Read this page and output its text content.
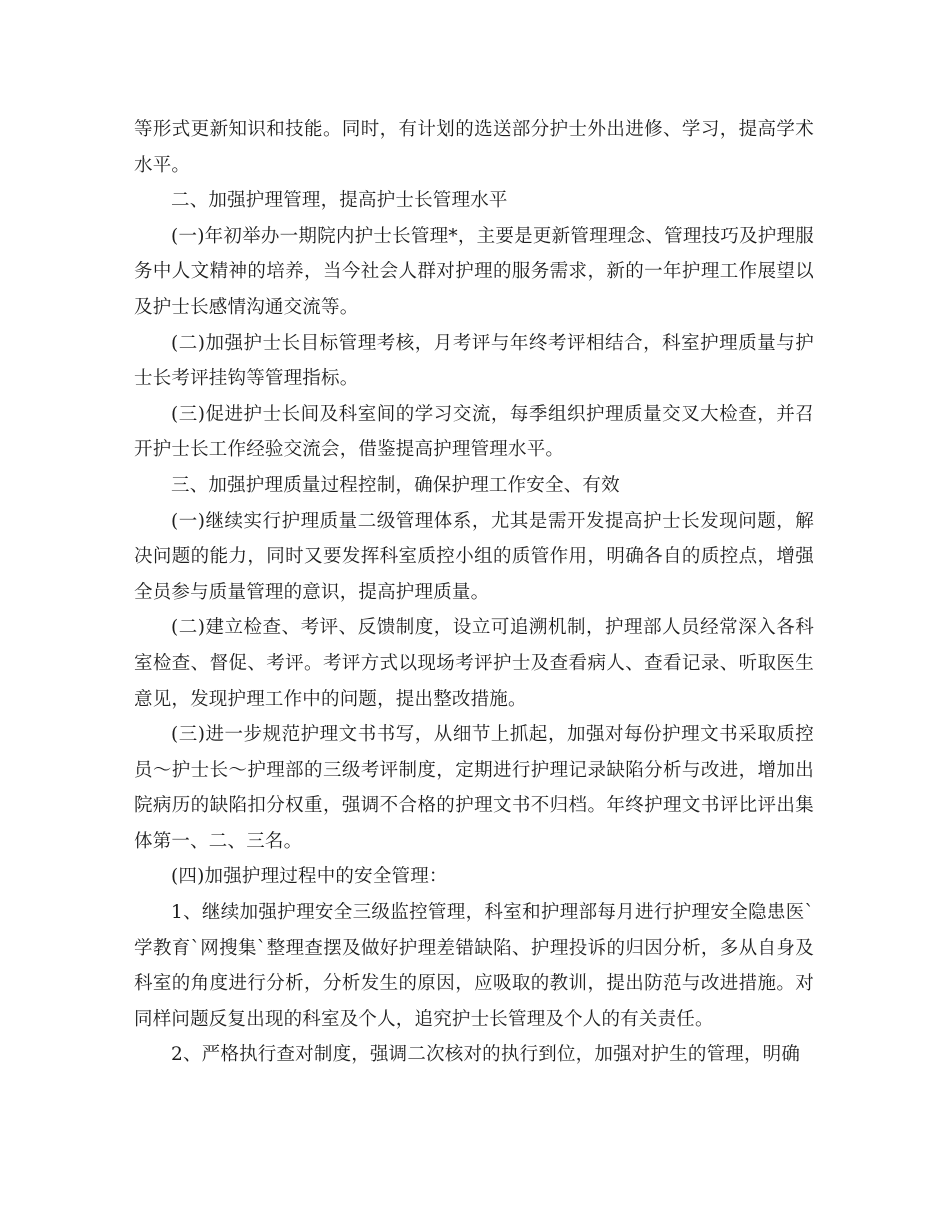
等形式更新知识和技能。同时，有计划的选送部分护士外出进修、学习，提高学术水平。

二、加强护理管理，提高护士长管理水平

(一)年初举办一期院内护士长管理*，主要是更新管理理念、管理技巧及护理服务中人文精神的培养，当今社会人群对护理的服务需求，新的一年护理工作展望以及护士长感情沟通交流等。

(二)加强护士长目标管理考核，月考评与年终考评相结合，科室护理质量与护士长考评挂钩等管理指标。

(三)促进护士长间及科室间的学习交流，每季组织护理质量交叉大检查，并召开护士长工作经验交流会，借鉴提高护理管理水平。

三、加强护理质量过程控制，确保护理工作安全、有效

(一)继续实行护理质量二级管理体系，尤其是需开发提高护士长发现问题，解决问题的能力，同时又要发挥科室质控小组的质管作用，明确各自的质控点，增强全员参与质量管理的意识，提高护理质量。

(二)建立检查、考评、反馈制度，设立可追溯机制，护理部人员经常深入各科室检查、督促、考评。考评方式以现场考评护士及查看病人、查看记录、听取医生意见，发现护理工作中的问题，提出整改措施。

(三)进一步规范护理文书书写，从细节上抓起，加强对每份护理文书采取质控员～护士长～护理部的三级考评制度，定期进行护理记录缺陷分析与改进，增加出院病历的缺陷扣分权重，强调不合格的护理文书不归档。年终护理文书评比评出集体第一、二、三名。

(四)加强护理过程中的安全管理：

1、继续加强护理安全三级监控管理，科室和护理部每月进行护理安全隐患医`学教育`网搜集`整理查摆及做好护理差错缺陷、护理投诉的归因分析，多从自身及科室的角度进行分析，分析发生的原因，应吸取的教训，提出防范与改进措施。对同样问题反复出现的科室及个人，追究护士长管理及个人的有关责任。

2、严格执行查对制度，强调二次核对的执行到位，加强对护生的管理，明确
